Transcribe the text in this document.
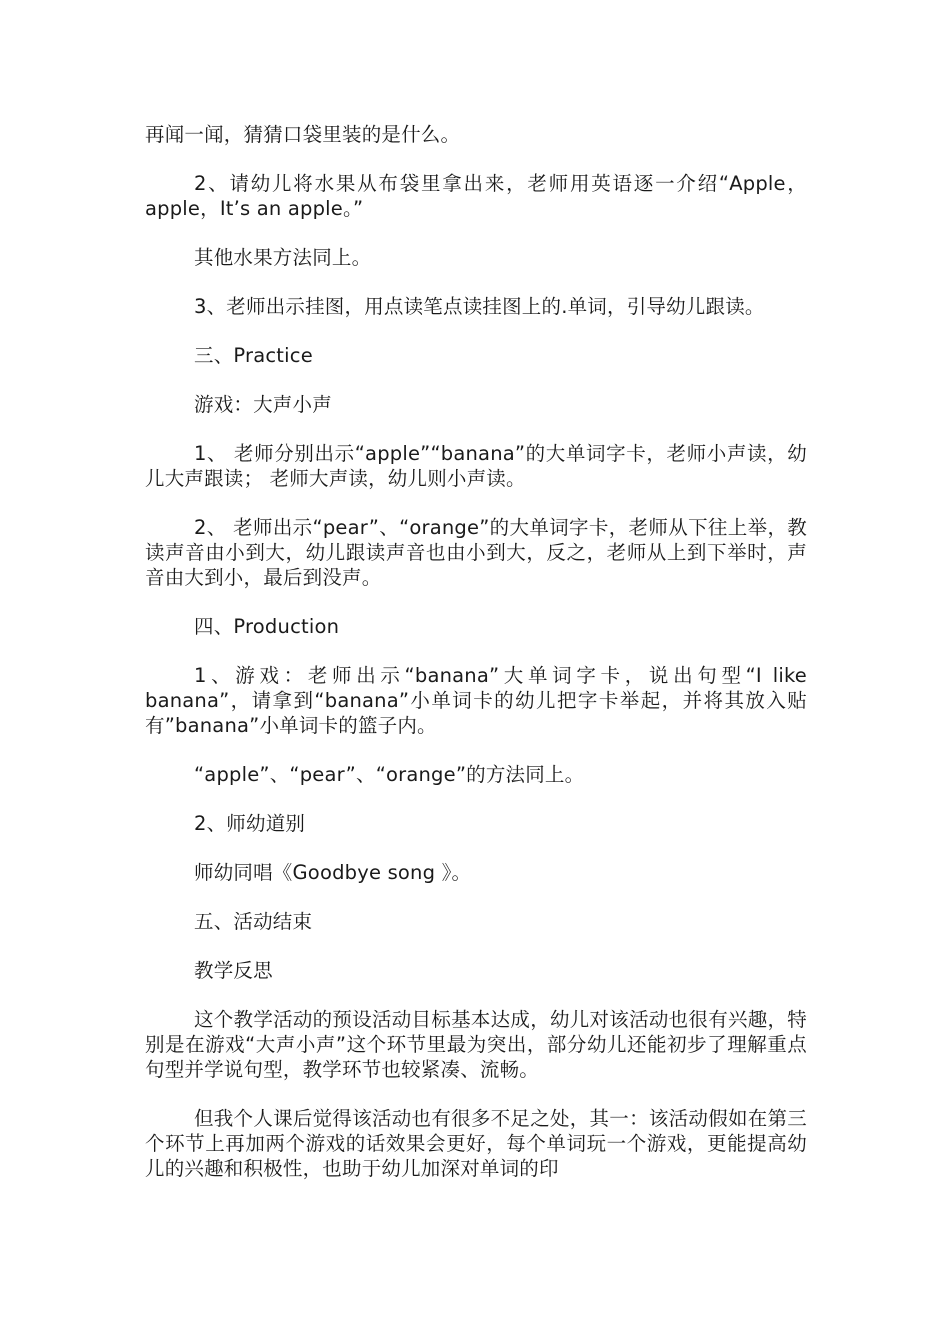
再闻一闻，猜猜口袋里装的是什么。

2、请幼儿将水果从布袋里拿出来，老师用英语逐一介绍“Apple，apple，It’s an apple。”

其他水果方法同上。

3、老师出示挂图，用点读笔点读挂图上的.单词，引导幼儿跟读。

三、Practice

游戏：大声小声

1、 老师分别出示“apple”“banana”的大单词字卡，老师小声读，幼儿大声跟读； 老师大声读，幼儿则小声读。

2、 老师出示“pear”、“orange”的大单词字卡，老师从下往上举，教读声音由小到大，幼儿跟读声音也由小到大，反之，老师从上到下举时，声音由大到小，最后到没声。

四、Production

1、游戏：老师出示“banana”大单词字卡，说出句型“I like banana”，请拿到“banana”小单词卡的幼儿把字卡举起，并将其放入贴有”banana”小单词卡的篮子内。

“apple”、“pear”、“orange”的方法同上。

2、师幼道别

师幼同唱《Goodbye song 》。

五、活动结束

教学反思

这个教学活动的预设活动目标基本达成，幼儿对该活动也很有兴趣，特别是在游戏“大声小声”这个环节里最为突出，部分幼儿还能初步了理解重点句型并学说句型，教学环节也较紧凑、流畅。

但我个人课后觉得该活动也有很多不足之处，其一：该活动假如在第三个环节上再加两个游戏的话效果会更好，每个单词玩一个游戏，更能提高幼儿的兴趣和积极性，也助于幼儿加深对单词的印
